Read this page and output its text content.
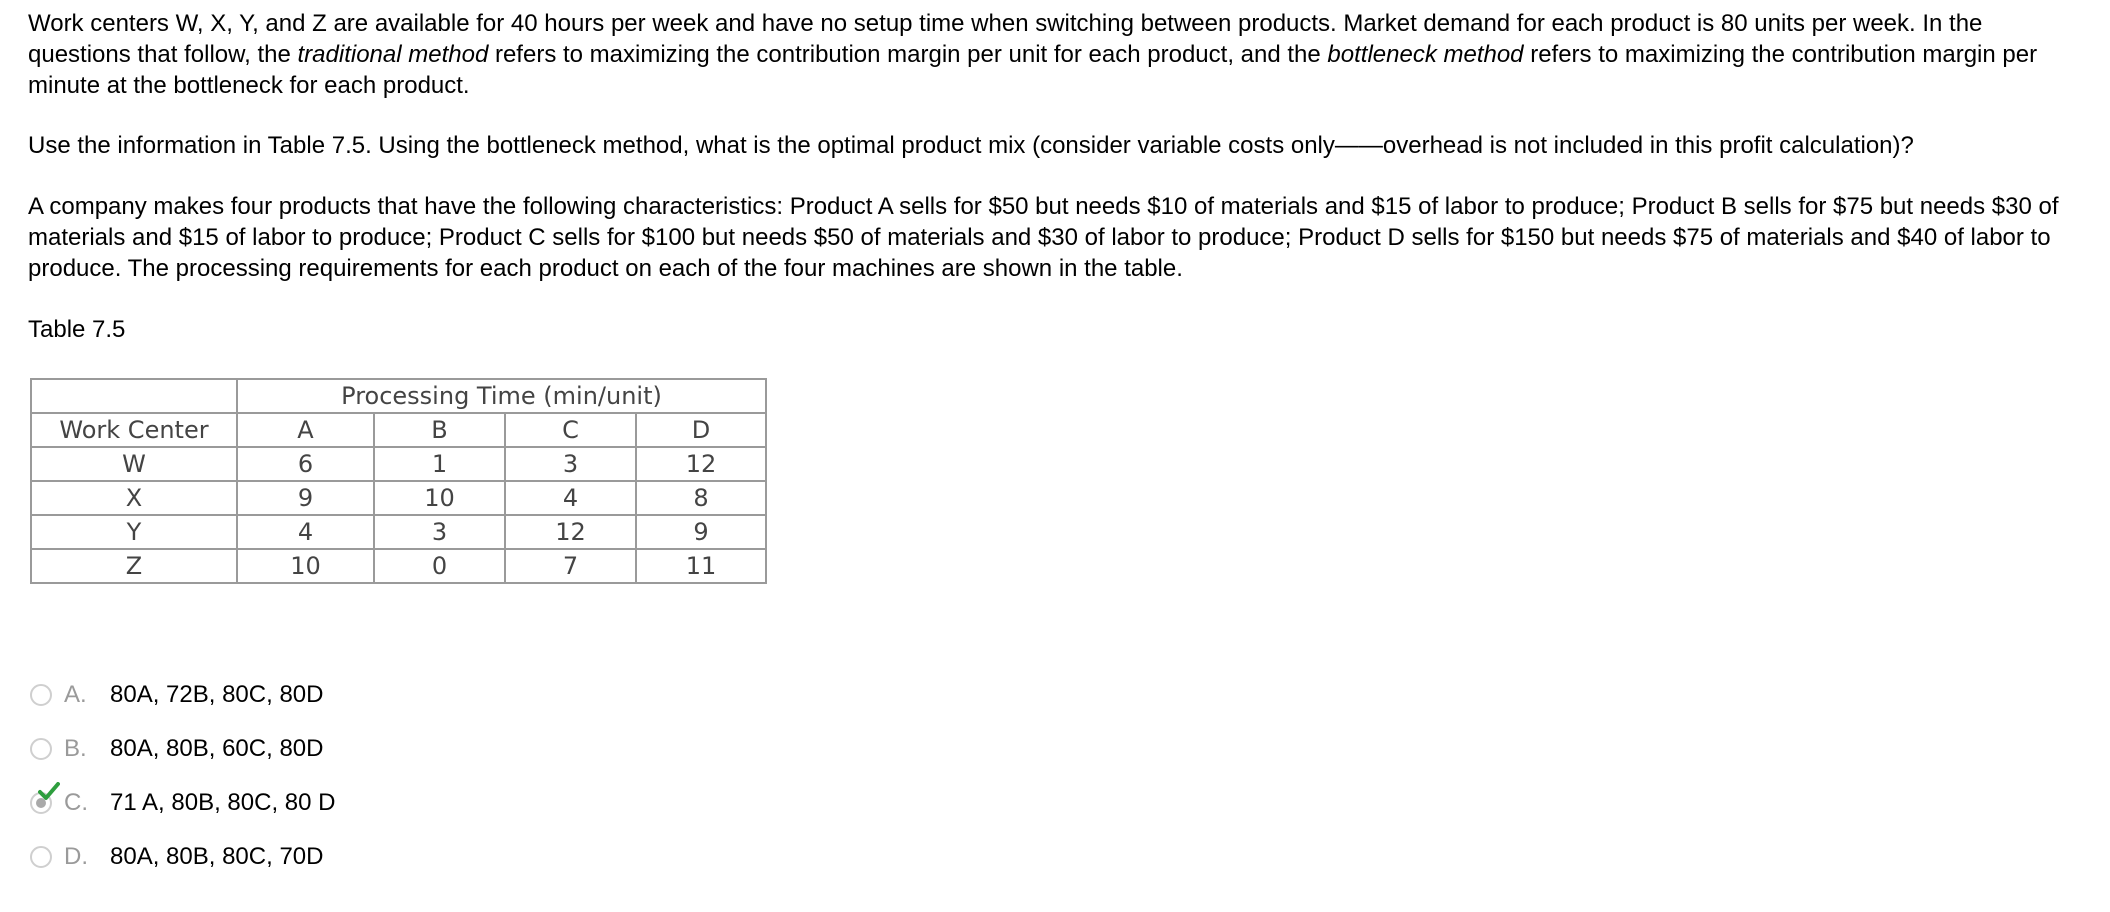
Work centers W, X, Y, and Z are available for 40 hours per week and have no setup time when switching between products. Market demand for each product is 80 units per week. In the questions that follow, the traditional method refers to maximizing the contribution margin per unit for each product, and the bottleneck method refers to maximizing the contribution margin per minute at the bottleneck for each product.

Use the information in Table 7.5. Using the bottleneck method, what is the optimal product mix (consider variable costs only——overhead is not included in this profit calculation)?

A company makes four products that have the following characteristics: Product A sells for $50 but needs $10 of materials and $15 of labor to produce; Product B sells for $75 but needs $30 of materials and $15 of labor to produce; Product C sells for $100 but needs $50 of materials and $30 of labor to produce; Product D sells for $150 but needs $75 of materials and $40 of labor to produce. The processing requirements for each product on each of the four machines are shown in the table.

Table 7.5

	Processing Time (min/unit)			
Work Center	A	B	C	D
W	6	1	3	12
X	9	10	4	8
Y	4	3	12	9
Z	10	0	7	11
A. 80A, 72B, 80C, 80D
B. 80A, 80B, 60C, 80D
C. 71 A, 80B, 80C, 80 D
D. 80A, 80B, 80C, 70D
